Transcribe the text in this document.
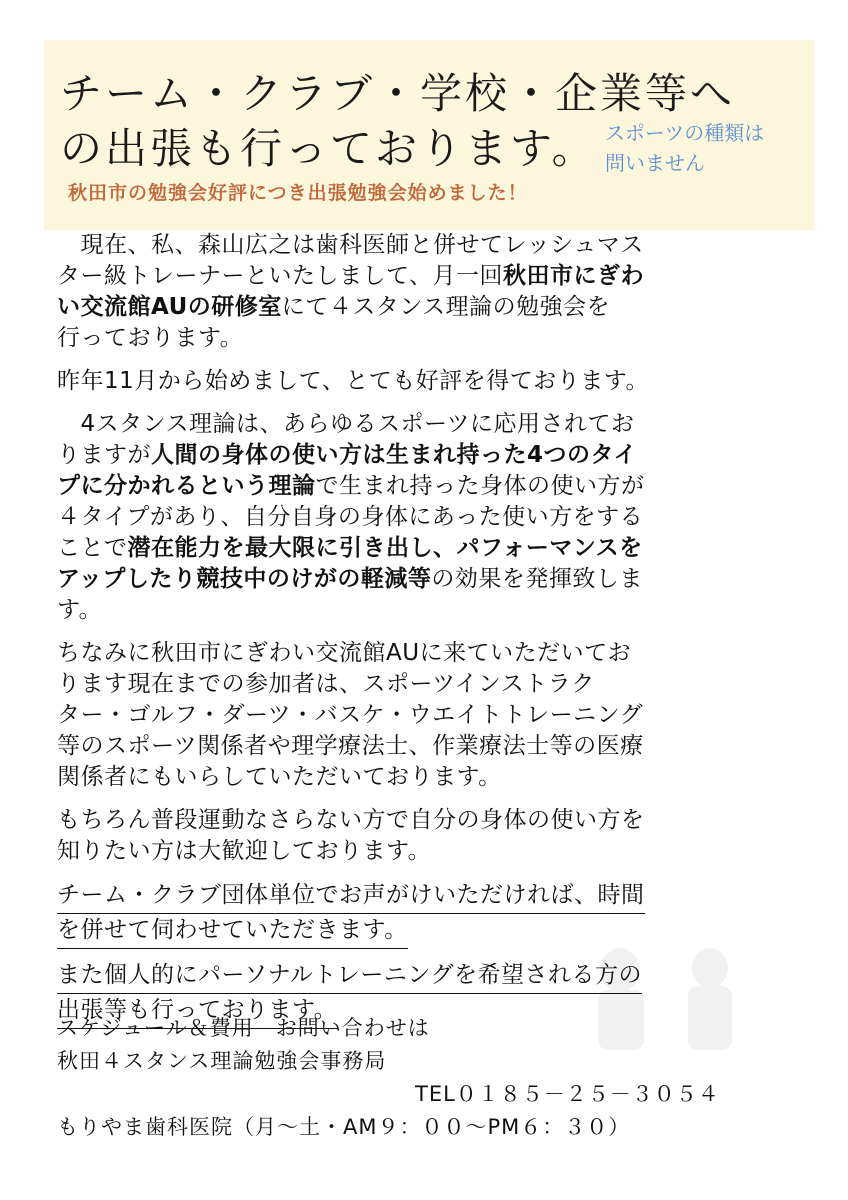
チーム・クラブ・学校・企業等へ
の出張も行っております。 スポーツの種類は
問いません

秋田市の勉強会好評につき出張勉強会始めました！

　現在、私、森山広之は歯科医師と併せてレッシュマス
ター級トレーナーといたしまして、月一回秋田市にぎわ
い交流館AUの研修室にて４スタンス理論の勉強会を
行っております。

昨年11月から始めまして、とても好評を得ております。

　4スタンス理論は、あらゆるスポーツに応用されてお
りますが人間の身体の使い方は生まれ持った4つのタイ
プに分かれるという理論で生まれ持った身体の使い方が
４タイプがあり、自分自身の身体にあった使い方をする
ことで潜在能力を最大限に引き出し、パフォーマンスを
アップしたり競技中のけがの軽減等の効果を発揮致しま
す。

ちなみに秋田市にぎわい交流館AUに来ていただいてお
ります現在までの参加者は、スポーツインストラク
ター・ゴルフ・ダーツ・バスケ・ウエイトトレーニング
等のスポーツ関係者や理学療法士、作業療法士等の医療
関係者にもいらしていただいております。

もちろん普段運動なさらない方で自分の身体の使い方を
知りたい方は大歓迎しております。

チーム・クラブ団体単位でお声がけいただければ、時間
を併せて伺わせていただきます。
また個人的にパーソナルトレーニングを希望される方の
出張等も行っております。
スケジュール＆費用　お問い合わせは
秋田４スタンス理論勉強会事務局
TEL０１８５－２５－３０５４
もりやま歯科医院（月～土・AM９：００～PM６：３０）
